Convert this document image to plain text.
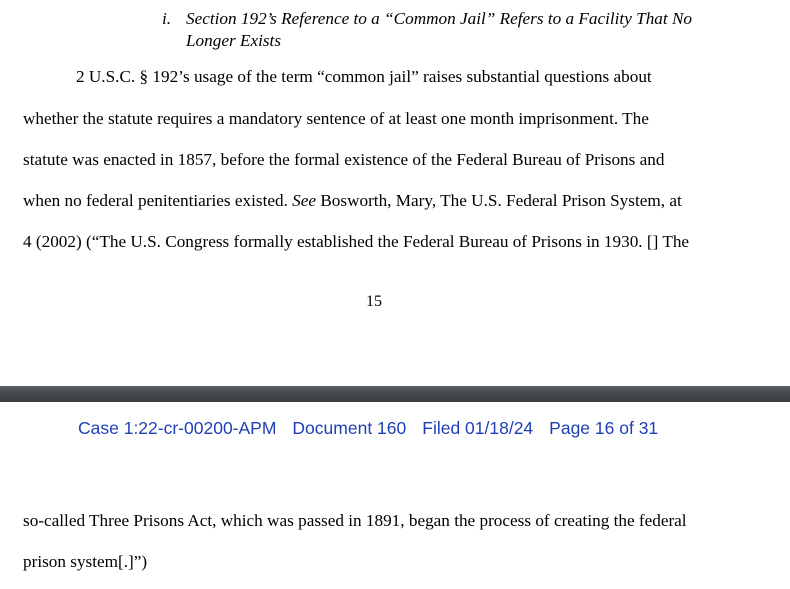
i. Section 192’s Reference to a “Common Jail” Refers to a Facility That No
Longer Exists
2 U.S.C. § 192’s usage of the term “common jail” raises substantial questions about
whether the statute requires a mandatory sentence of at least one month imprisonment. The
statute was enacted in 1857, before the formal existence of the Federal Bureau of Prisons and
when no federal penitentiaries existed. See Bosworth, Mary, The U.S. Federal Prison System, at
4 (2002) (“The U.S. Congress formally established the Federal Bureau of Prisons in 1930. [] The
15
Case 1:22-cr-00200-APM Document 160 Filed 01/18/24 Page 16 of 31
so-called Three Prisons Act, which was passed in 1891, began the process of creating the federal
prison system[.]”)
